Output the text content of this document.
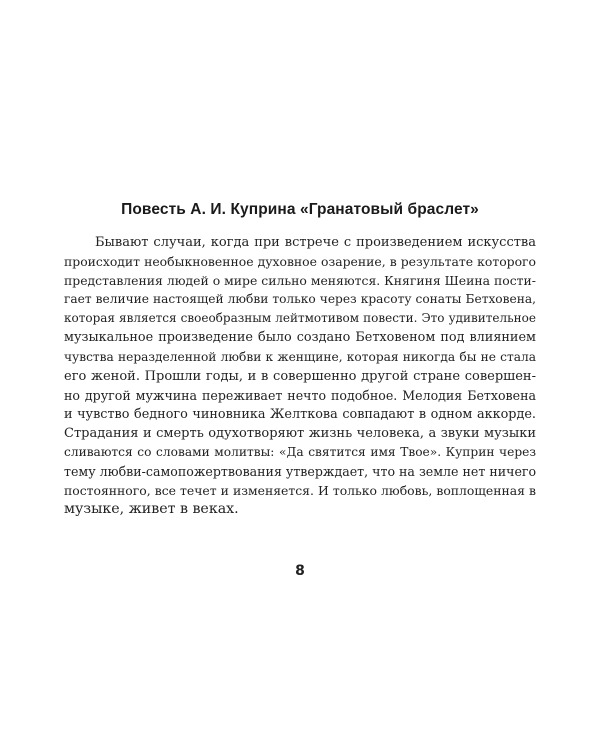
Повесть А. И. Куприна «Гранатовый браслет»
Бывают случаи, когда при встрече с произведением искусства
происходит необыкновенное духовное озарение, в результате которого
представления людей о мире сильно меняются. Княгиня Шеина пости-
гает величие настоящей любви только через красоту сонаты Бетховена,
которая является своеобразным лейтмотивом повести. Это удивительное
музыкальное произведение было создано Бетховеном под влиянием
чувства неразделенной любви к женщине, которая никогда бы не стала
его женой. Прошли годы, и в совершенно другой стране совершен-
но другой мужчина переживает нечто подобное. Мелодия Бетховена
и чувство бедного чиновника Желткова совпадают в одном аккорде.
Страдания и смерть одухотворяют жизнь человека, а звуки музыки
сливаются со словами молитвы: «Да святится имя Твое». Куприн через
тему любви-самопожертвования утверждает, что на земле нет ничего
постоянного, все течет и изменяется. И только любовь, воплощенная в
музыке, живет в веках.
8
